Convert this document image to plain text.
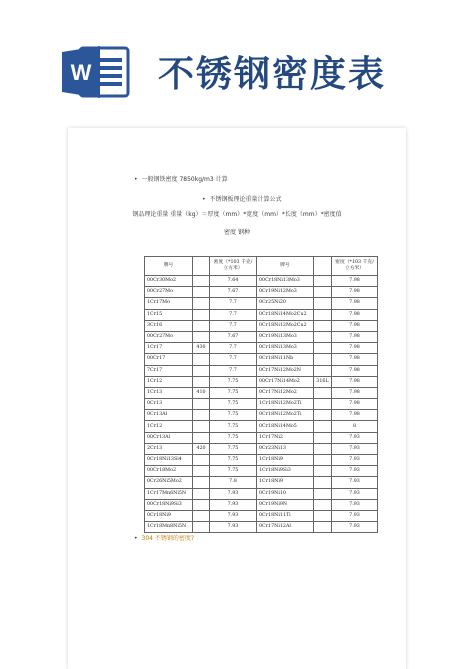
W 不锈钢密度表
• 一般钢铁密度 7850kg/m3 计算
• 不锈钢板理论重量计算公式
钢品理论重量 重量（kg）＝厚度（mm）*宽度（mm）*长度（mm）*密度值
密度 钢种
牌号		密度（*103 千克/立方米）	牌号		密度（*103 千克/立方米）
00Cr30Mo2		7.64	00Cr18Ni13Mo3		7.98
00Cr27Mo		7.67	0Cr19Ni12Mo3		7.98
1Cr17Mo		7.7	0Cr25Ni20		7.98
1Cr15		7.7	0Cr18Ni14Mo2Cu2		7.98
3Cr16		7.7	0Cr18Ni12Mo2Cu2		7.98
00Cr27Mo		7.67	0Cr19Ni13Mo3		7.98
1Cr17	430	7.7	0Cr18Ni13Mo3		7.98
00Cr17		7.7	0Cr18Ni11Nb		7.98
7Cr17		7.7	0Cr17Ni12Mo2N		7.98
1Cr12		7.75	00Cr17Ni14Mo2	316L	7.98
1Cr13	410	7.75	0Cr17Ni12Mo2		7.98
0Cr13		7.75	1Cr18Ni12Mo2Ti		7.98
0Cr13Al		7.75	0Cr18Ni12Mo2Ti		7.98
1Cr12		7.75	0Cr18Ni14Mo5		8
00Cr13Al		7.75	1Cr17Ni2		7.93
2Cr13	420	7.75	0Cr23Ni13		7.93
0Cr18Ni13Si4		7.75	1Cr18Ni9		7.93
00Cr18Mo2		7.75	1Cr18Ni9Si3		7.93
0Cr26Ni5Mo2		7.8	1Cr18Ni9		7.93
1Cr17Mn6Ni5N		7.93	0Cr19Ni10		7.93
00Cr18Ni9Si3		7.93	0Cr19Ni9N		7.93
0Cr18Ni9		7.93	0Cr18Ni11Ti		7.93
1Cr18Mn8Ni5N		7.93	0Cr17Ni12Al		7.93
• 304 不锈钢的密度?
